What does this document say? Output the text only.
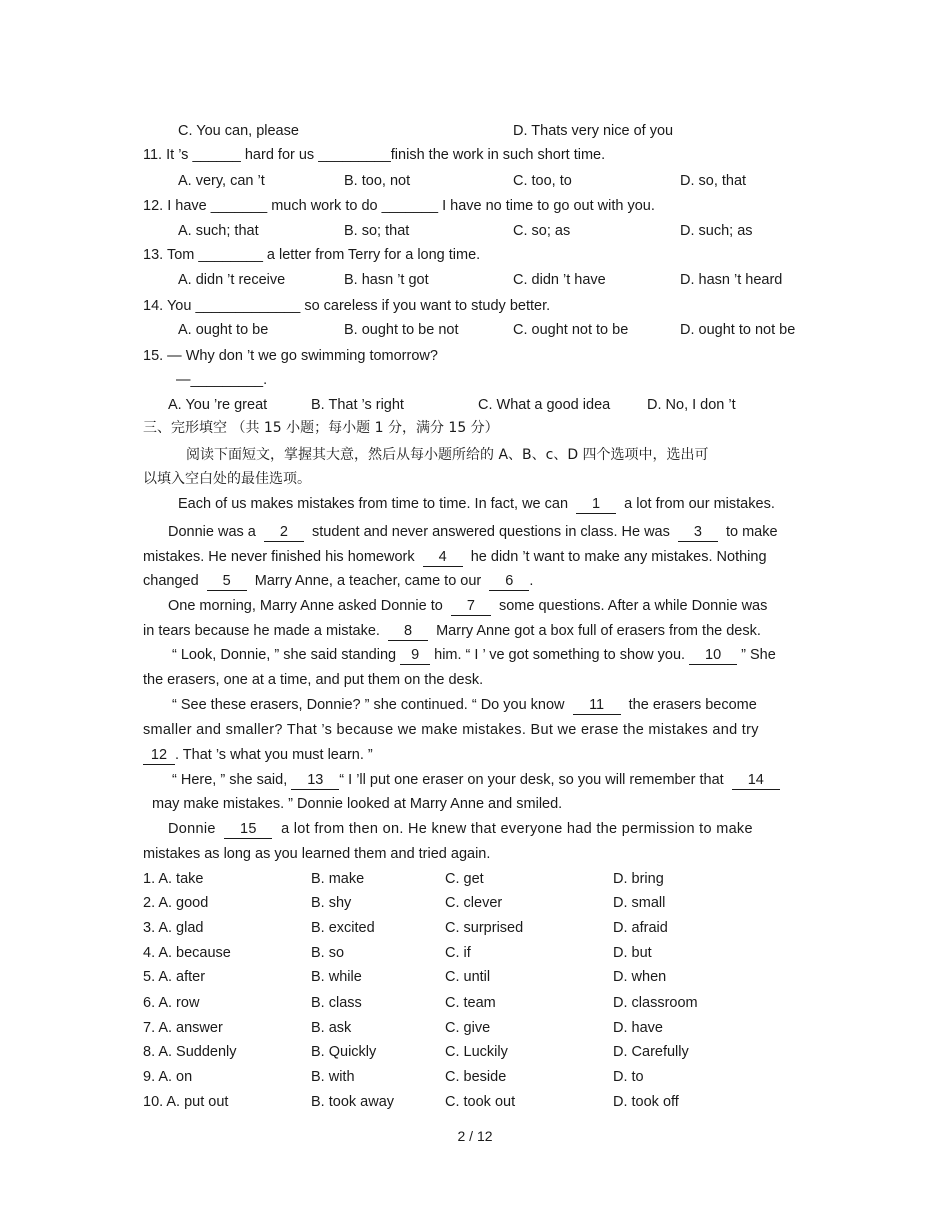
C. You can, please	D. Thats very nice of you
11. It ’s ______ hard for us _________finish the work in such short time.
A. very, can ’t	B. too, not	C. too, to	D. so, that
12. I have _______ much work to do _______ I have no time to go out with you.
A. such; that	B. so; that	C. so; as	D. such; as
13. Tom ________ a letter from Terry for a long time.
A. didn ’t receive	B. hasn ’t got	C. didn ’t have	D. hasn ’t heard
14. You _____________ so careless if you want to study better.
A. ought to be	B. ought to be not	C. ought not to be	D. ought to not be
15. — Why don ’t we go swimming tomorrow?
—_________.
A. You ’re great	B. That ’s right	C. What a good idea	D. No, I don ’t
三、完形填空 （共 15 小题；每小题 1 分，满分 15 分）
阅读下面短文，掌握其大意，然后从每小题所给的 A、B、c、D 四个选项中，选出可
以填入空白处的最佳选项。
Each of us makes mistakes from time to time. In fact, we can 1 a lot from our mistakes.
Donnie was a 2 student and never answered questions in class. He was 3 to make
mistakes. He never finished his homework 4 he didn ’t want to make any mistakes. Nothing
changed 5 Marry Anne, a teacher, came to our 6 .
One morning, Marry Anne asked Donnie to 7 some questions. After a while Donnie was
in tears because he made a mistake. 8 Marry Anne got a box full of erasers from the desk.
“ Look, Donnie, ” she said standing 9 him. “ I ’ ve got something to show you. 10 ” She
the erasers, one at a time, and put them on the desk.
“ See these erasers, Donnie? ” she continued. “ Do you know 11 the erasers become
smaller and smaller? That ’s because we make mistakes. But we erase the mistakes and try
12 . That ’s what you must learn. ”
“ Here, ” she said, 13 “ I ’ll put one eraser on your desk, so you will remember that 14
may make mistakes. ” Donnie looked at Marry Anne and smiled.
Donnie 15 a lot from then on. He knew that everyone had the permission to make
mistakes as long as you learned them and tried again.
1. A. take	B. make	C. get	D. bring
2. A. good	B. shy	C. clever	D. small
3. A. glad	B. excited	C. surprised	D. afraid
4. A. because	B. so	C. if	D. but
5. A. after	B. while	C. until	D. when
6. A. row	B. class	C. team	D. classroom
7. A. answer	B. ask	C. give	D. have
8. A. Suddenly	B. Quickly	C. Luckily	D. Carefully
9. A. on	B. with	C. beside	D. to
10. A. put out	B. took away	C. took out	D. took off
2 / 12
